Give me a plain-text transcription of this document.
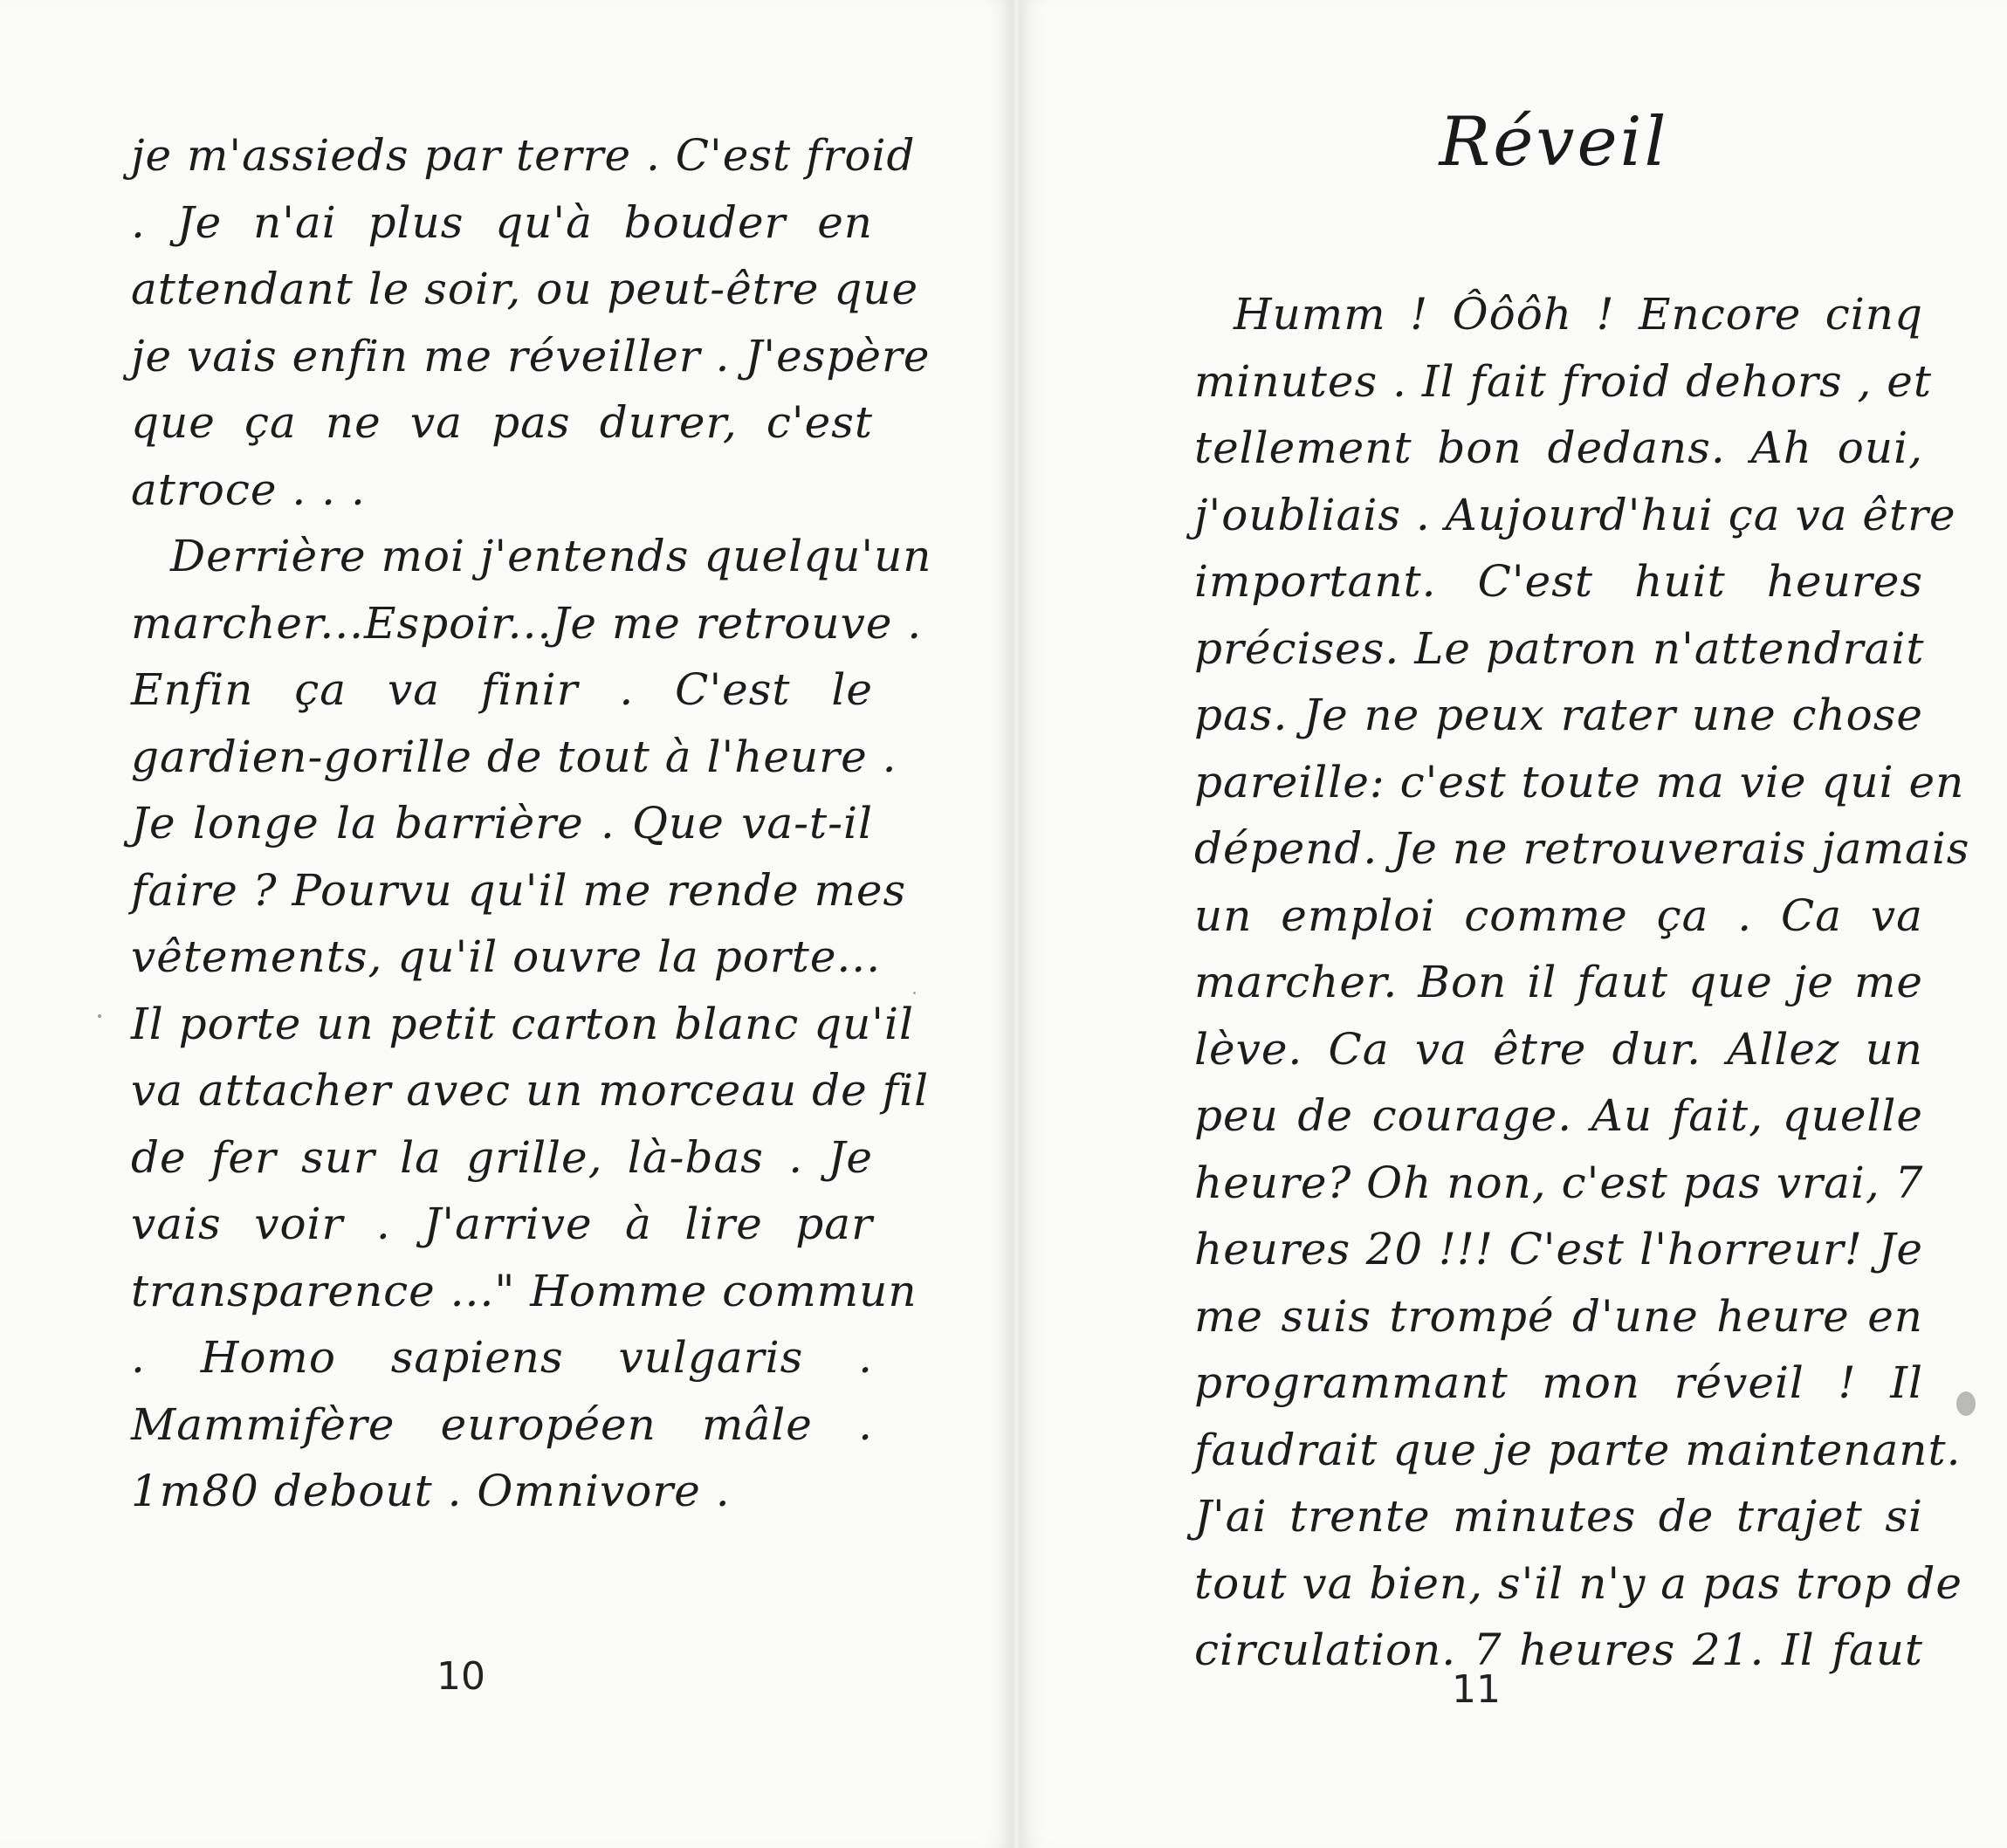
je m'assieds par terre . C'est froid
. Je n'ai plus qu'à bouder en
attendant le soir, ou peut-être que
je vais enfin me réveiller . J'espère
que ça ne va pas durer, c'est
atroce . . .
Derrière moi j'entends quelqu'un
marcher...Espoir...Je me retrouve .
Enfin ça va finir . C'est le
gardien-gorille de tout à l'heure .
Je longe la barrière . Que va-t-il
faire ? Pourvu qu'il me rende mes
vêtements, qu'il ouvre la porte...
Il porte un petit carton blanc qu'il
va attacher avec un morceau de fil
de fer sur la grille, là-bas . Je
vais voir . J'arrive à lire par
transparence ..." Homme commun
. Homo sapiens vulgaris .
Mammifère européen mâle .
1m80 debout . Omnivore .
10
Réveil
Humm ! Ôôôh ! Encore cinq
minutes . Il fait froid dehors , et
tellement bon dedans. Ah oui,
j'oubliais . Aujourd'hui ça va être
important. C'est huit heures
précises. Le patron n'attendrait
pas. Je ne peux rater une chose
pareille: c'est toute ma vie qui en
dépend. Je ne retrouverais jamais
un emploi comme ça . Ca va
marcher. Bon il faut que je me
lève. Ca va être dur. Allez un
peu de courage. Au fait, quelle
heure? Oh non, c'est pas vrai, 7
heures 20 !!! C'est l'horreur! Je
me suis trompé d'une heure en
programmant mon réveil ! Il
faudrait que je parte maintenant.
J'ai trente minutes de trajet si
tout va bien, s'il n'y a pas trop de
circulation. 7 heures 21. Il faut
11
